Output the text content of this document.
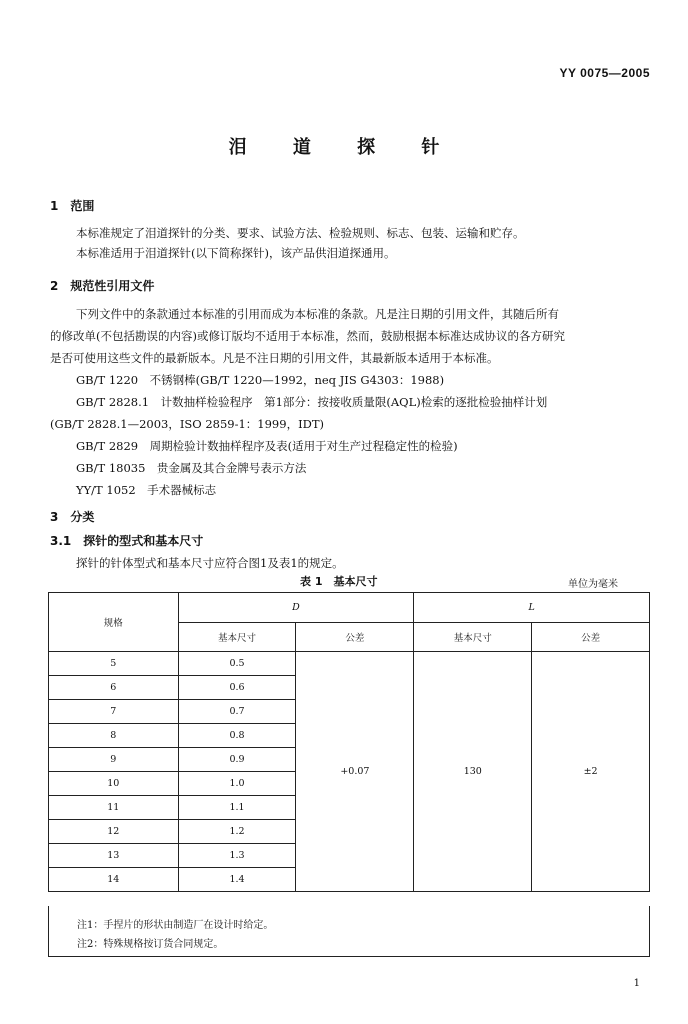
YY 0075—2005
泪 道 探 针
1　范围
本标准规定了泪道探针的分类、要求、试验方法、检验规则、标志、包装、运输和贮存。
本标准适用于泪道探针(以下简称探针)，该产品供泪道探通用。
2　规范性引用文件
下列文件中的条款通过本标准的引用而成为本标准的条款。凡是注日期的引用文件，其随后所有
的修改单(不包括勘误的内容)或修订版均不适用于本标准，然而，鼓励根据本标准达成协议的各方研究
是否可使用这些文件的最新版本。凡是不注日期的引用文件，其最新版本适用于本标准。
GB/T 1220　不锈钢棒(GB/T 1220—1992，neq JIS G4303：1988)
GB/T 2828.1　计数抽样检验程序　第1部分：按接收质量限(AQL)检索的逐批检验抽样计划
(GB/T 2828.1—2003，ISO 2859-1：1999，IDT)
GB/T 2829　周期检验计数抽样程序及表(适用于对生产过程稳定性的检验)
GB/T 18035　贵金属及其合金牌号表示方法
YY/T 1052　手术器械标志
3　分类
3.1　探针的型式和基本尺寸
探针的针体型式和基本尺寸应符合图1及表1的规定。
表 1　基本尺寸	单位为毫米
规格	D		L	
	基本尺寸	公差	基本尺寸	公差
5	0.5	+0.07	130	±2
6	0.6			
7	0.7			
8	0.8			
9	0.9			
10	1.0			
11	1.1			
12	1.2			
13	1.3			
14	1.4			
注1：手捏片的形状由制造厂在设计时给定。
注2：特殊规格按订货合同规定。
1
